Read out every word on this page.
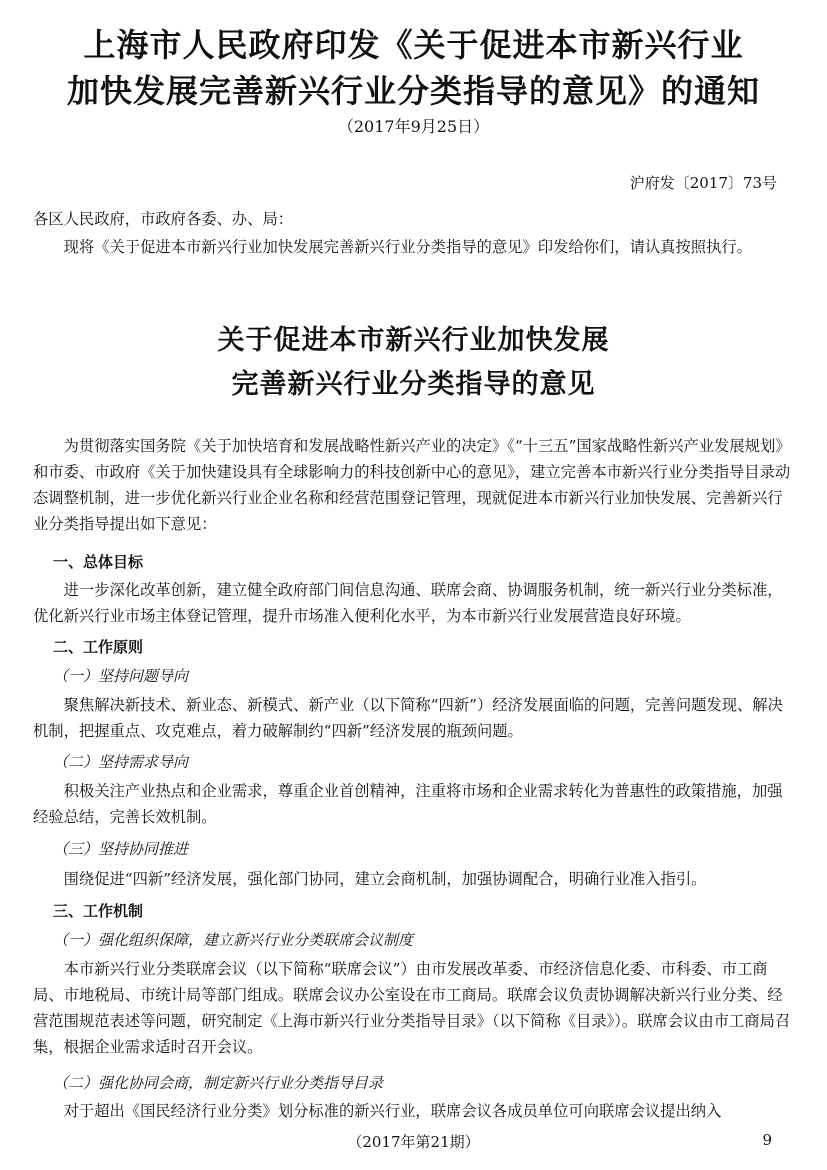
上海市人民政府印发《关于促进本市新兴行业
加快发展完善新兴行业分类指导的意见》的通知
（2017年9月25日）
沪府发〔2017〕73号
各区人民政府，市政府各委、办、局：
现将《关于促进本市新兴行业加快发展完善新兴行业分类指导的意见》印发给你们，请认真按照执行。
关于促进本市新兴行业加快发展
完善新兴行业分类指导的意见
为贯彻落实国务院《关于加快培育和发展战略性新兴产业的决定》《“十三五”国家战略性新兴产业发展规划》和市委、市政府《关于加快建设具有全球影响力的科技创新中心的意见》，建立完善本市新兴行业分类指导目录动态调整机制，进一步优化新兴行业企业名称和经营范围登记管理，现就促进本市新兴行业加快发展、完善新兴行业分类指导提出如下意见：
一、总体目标
进一步深化改革创新，建立健全政府部门间信息沟通、联席会商、协调服务机制，统一新兴行业分类标准，优化新兴行业市场主体登记管理，提升市场准入便利化水平，为本市新兴行业发展营造良好环境。
二、工作原则
（一）坚持问题导向
聚焦解决新技术、新业态、新模式、新产业（以下简称“四新”）经济发展面临的问题，完善问题发现、解决机制，把握重点、攻克难点，着力破解制约“四新”经济发展的瓶颈问题。
（二）坚持需求导向
积极关注产业热点和企业需求，尊重企业首创精神，注重将市场和企业需求转化为普惠性的政策措施，加强经验总结，完善长效机制。
（三）坚持协同推进
围绕促进“四新”经济发展，强化部门协同，建立会商机制，加强协调配合，明确行业准入指引。
三、工作机制
（一）强化组织保障，建立新兴行业分类联席会议制度
本市新兴行业分类联席会议（以下简称“联席会议”）由市发展改革委、市经济信息化委、市科委、市工商局、市地税局、市统计局等部门组成。联席会议办公室设在市工商局。联席会议负责协调解决新兴行业分类、经营范围规范表述等问题，研究制定《上海市新兴行业分类指导目录》（以下简称《目录》）。联席会议由市工商局召集，根据企业需求适时召开会议。
（二）强化协同会商，制定新兴行业分类指导目录
对于超出《国民经济行业分类》划分标准的新兴行业，联席会议各成员单位可向联席会议提出纳入
（2017年第21期）	9
